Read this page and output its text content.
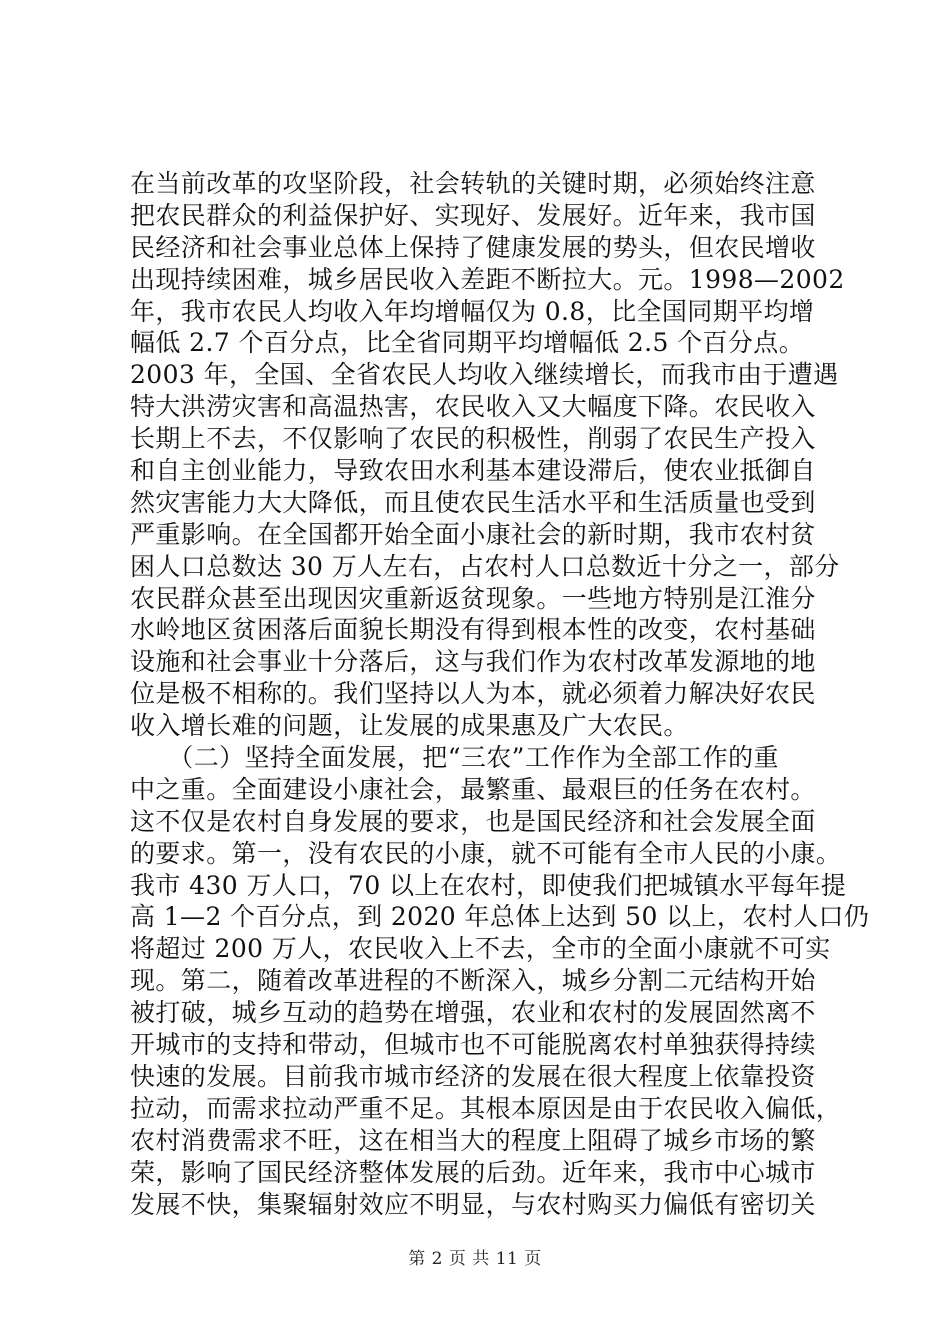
在当前改革的攻坚阶段，社会转轨的关键时期，必须始终注意
把农民群众的利益保护好、实现好、发展好。近年来，我市国
民经济和社会事业总体上保持了健康发展的势头，但农民增收
出现持续困难，城乡居民收入差距不断拉大。元。1998—2002
年，我市农民人均收入年均增幅仅为 0.8，比全国同期平均增
幅低 2.7 个百分点，比全省同期平均增幅低 2.5 个百分点。
2003 年，全国、全省农民人均收入继续增长，而我市由于遭遇
特大洪涝灾害和高温热害，农民收入又大幅度下降。农民收入
长期上不去，不仅影响了农民的积极性，削弱了农民生产投入
和自主创业能力，导致农田水利基本建设滞后，使农业抵御自
然灾害能力大大降低，而且使农民生活水平和生活质量也受到
严重影响。在全国都开始全面小康社会的新时期，我市农村贫
困人口总数达 30 万人左右，占农村人口总数近十分之一，部分
农民群众甚至出现因灾重新返贫现象。一些地方特别是江淮分
水岭地区贫困落后面貌长期没有得到根本性的改变，农村基础
设施和社会事业十分落后，这与我们作为农村改革发源地的地
位是极不相称的。我们坚持以人为本，就必须着力解决好农民
收入增长难的问题，让发展的成果惠及广大农民。
　　（二）坚持全面发展，把“三农”工作作为全部工作的重
中之重。全面建设小康社会，最繁重、最艰巨的任务在农村。
这不仅是农村自身发展的要求，也是国民经济和社会发展全面
的要求。第一，没有农民的小康，就不可能有全市人民的小康。
我市 430 万人口，70 以上在农村，即使我们把城镇水平每年提
高 1—2 个百分点，到 2020 年总体上达到 50 以上，农村人口仍
将超过 200 万人，农民收入上不去，全市的全面小康就不可实
现。第二，随着改革进程的不断深入，城乡分割二元结构开始
被打破，城乡互动的趋势在增强，农业和农村的发展固然离不
开城市的支持和带动，但城市也不可能脱离农村单独获得持续
快速的发展。目前我市城市经济的发展在很大程度上依靠投资
拉动，而需求拉动严重不足。其根本原因是由于农民收入偏低，
农村消费需求不旺，这在相当大的程度上阻碍了城乡市场的繁
荣，影响了国民经济整体发展的后劲。近年来，我市中心城市
发展不快，集聚辐射效应不明显，与农村购买力偏低有密切关
第 2 页 共 11 页
